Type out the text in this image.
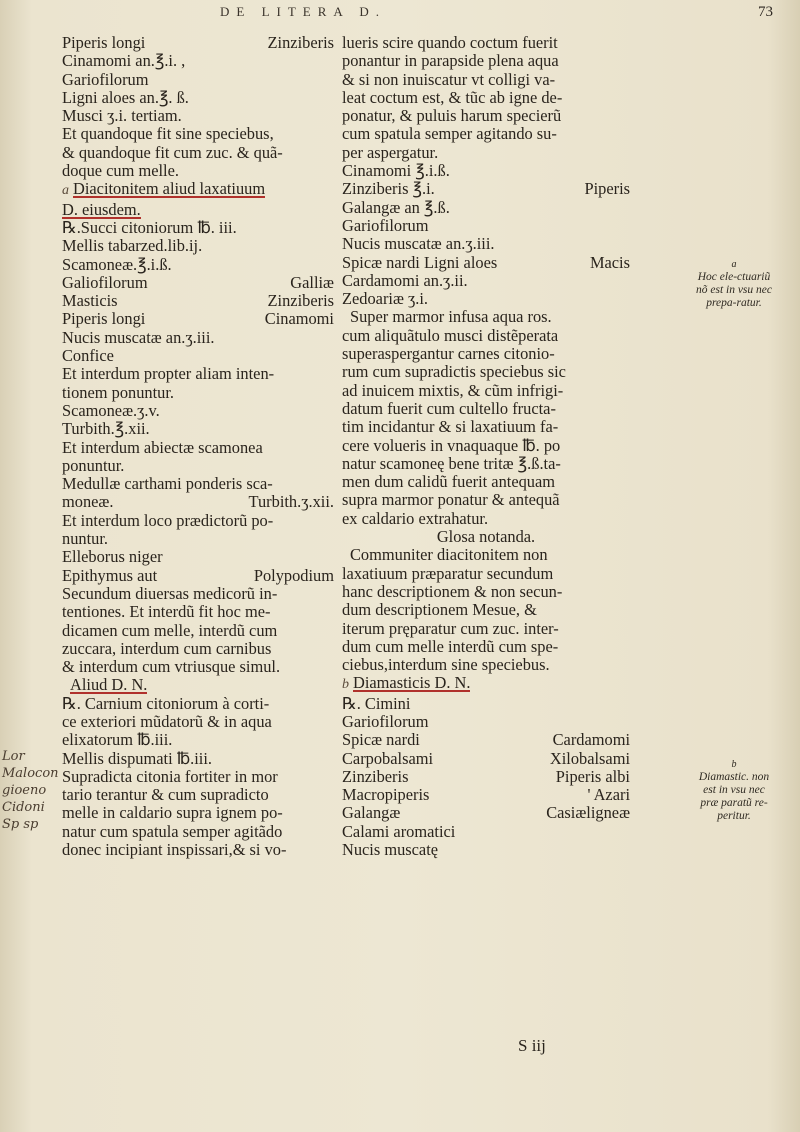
DE LITERA D.	73
Piperis longi	Zinziberis
Cinamomi an.℥.i. ,
Gariofilorum
Ligni aloes an.℥. ß.
Musci ʒ.i. tertiam.
Et quandoque fit sine speciebus,
& quandoque fit cum zuc. & quã-
doque cum melle.
a Diacitonitem aliud laxatiuum
D. eiusdem.
℞.Succi citoniorum ℔. iii.
Mellis tabarzed.lib.ij.
Scamoneæ.℥.i.ß.
Galiofilorum	Galliæ
Masticis	Zinziberis
Piperis longi	Cinamomi
Nucis muscatæ an.ʒ.iii.
Confice
Et interdum propter aliam inten-
tionem ponuntur.
Scamoneæ.ʒ.v.
Turbith.℥.xii.
Et interdum abiectæ scamonea
ponuntur.
Medullæ carthami ponderis sca-
moneæ.	Turbith.ʒ.xii.
Et interdum loco prædictorũ po-
nuntur.
Elleborus niger
Epithymus aut	Polypodium
Secundum diuersas medicorũ in-
tentiones. Et interdũ fit hoc me-
dicamen cum melle, interdũ cum
zuccara, interdum cum carnibus
& interdum cum vtriusque simul.
Aliud D. N.
℞. Carnium citoniorum à corti-
ce exteriori mũdatorũ & in aqua
elixatorum ℔.iii.
Mellis dispumati ℔.iii.
Supradicta citonia fortiter in mor
tario terantur & cum supradicto
melle in caldario supra ignem po-
natur cum spatula semper agitãdo
donec incipiant inspissari,& si vo-
lueris scire quando coctum fuerit
ponantur in parapside plena aqua
& si non inuiscatur vt colligi va-
leat coctum est, & tũc ab igne de-
ponatur, & puluis harum specierũ
cum spatula semper agitando su-
per aspergatur.
Cinamomi ℥.i.ß.
Zinziberis ℥.i.	Piperis
Galangæ an ℥.ß.
Gariofilorum
Nucis muscatæ an.ʒ.iii.
Spicæ nardi Ligni aloes	Macis
Cardamomi an.ʒ.ii.
Zedoariæ ʒ.i.
Super marmor infusa aqua ros.
cum aliquãtulo musci distẽperata
superaspergantur carnes citonio-
rum cum supradictis speciebus sic
ad inuicem mixtis, & cũm infrigi-
datum fuerit cum cultello fructa-
tim incidantur & si laxatiuum fa-
cere volueris in vnaquaque ℔. po
natur scamoneę bene tritæ ℥.ß.ta-
men dum calidũ fuerit antequam
supra marmor ponatur & antequã
ex caldario extrahatur.
Glosa notanda.
Communiter diacitonitem non
laxatiuum præparatur secundum
hanc descriptionem & non secun-
dum descriptionem Mesue, &
iterum pręparatur cum zuc. inter-
dum cum melle interdũ cum spe-
ciebus,interdum sine speciebus.
b Diamasticis D. N.
℞. Cimini
Gariofilorum
Spicæ nardi	Cardamomi
Carpobalsami	Xilobalsami
Zinziberis	Piperis albi
Macropiperis	' Azari
Galangæ	Casiæligneæ
Calami aromatici
Nucis muscatę
a
Hoc ele-ctuariũ nõ est in vsu nec prepa-ratur.
b
Diamastic. non est in vsu nec præ paratũ re-peritur.
Lor Malocon gioeno Cidoni Sp sp
S iij
